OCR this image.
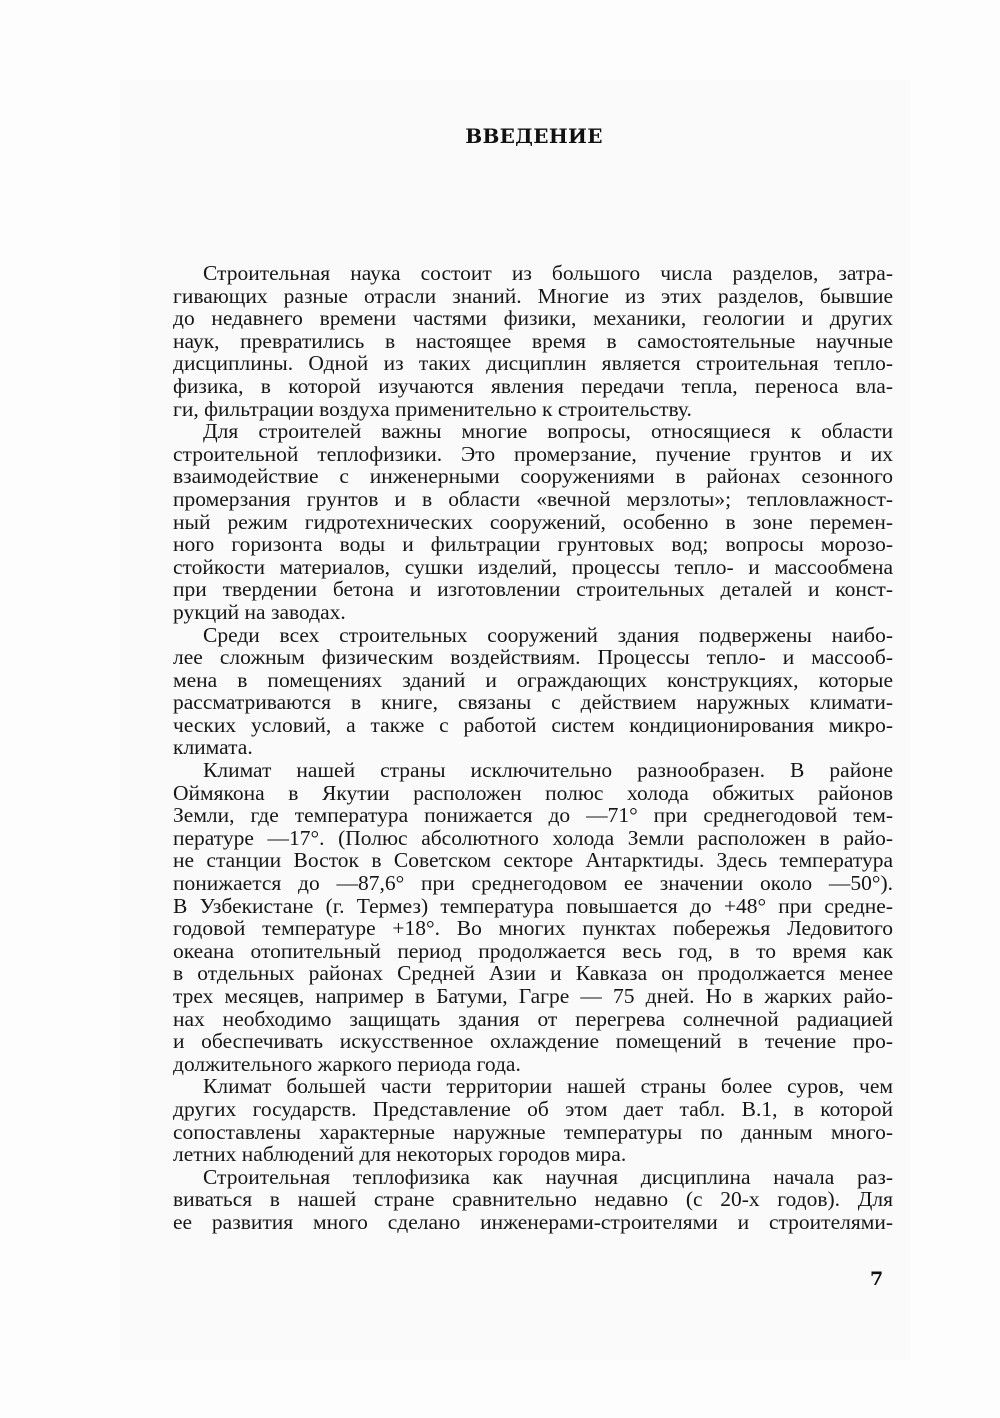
ВВЕДЕНИЕ
Строительная наука состоит из большого числа разделов, затра-
гивающих разные отрасли знаний. Многие из этих разделов, бывшие
до недавнего времени частями физики, механики, геологии и других
наук, превратились в настоящее время в самостоятельные научные
дисциплины. Одной из таких дисциплин является строительная тепло-
физика, в которой изучаются явления передачи тепла, переноса вла-
ги, фильтрации воздуха применительно к строительству.
Для строителей важны многие вопросы, относящиеся к области
строительной теплофизики. Это промерзание, пучение грунтов и их
взаимодействие с инженерными сооружениями в районах сезонного
промерзания грунтов и в области «вечной мерзлоты»; тепловлажност-
ный режим гидротехнических сооружений, особенно в зоне перемен-
ного горизонта воды и фильтрации грунтовых вод; вопросы морозо-
стойкости материалов, сушки изделий, процессы тепло- и массообмена
при твердении бетона и изготовлении строительных деталей и конст-
рукций на заводах.
Среди всех строительных сооружений здания подвержены наибо-
лее сложным физическим воздействиям. Процессы тепло- и массооб-
мена в помещениях зданий и ограждающих конструкциях, которые
рассматриваются в книге, связаны с действием наружных климати-
ческих условий, а также с работой систем кондиционирования микро-
климата.
Климат нашей страны исключительно разнообразен. В районе
Оймякона в Якутии расположен полюс холода обжитых районов
Земли, где температура понижается до —71° при среднегодовой тем-
пературе —17°. (Полюс абсолютного холода Земли расположен в райо-
не станции Восток в Советском секторе Антарктиды. Здесь температура
понижается до —87,6° при среднегодовом ее значении около —50°).
В Узбекистане (г. Термез) температура повышается до +48° при средне-
годовой температуре +18°. Во многих пунктах побережья Ледовитого
океана отопительный период продолжается весь год, в то время как
в отдельных районах Средней Азии и Кавказа он продолжается менее
трех месяцев, например в Батуми, Гагре — 75 дней. Но в жарких райо-
нах необходимо защищать здания от перегрева солнечной радиацией
и обеспечивать искусственное охлаждение помещений в течение про-
должительного жаркого периода года.
Климат большей части территории нашей страны более суров, чем
других государств. Представление об этом дает табл. В.1, в которой
сопоставлены характерные наружные температуры по данным много-
летних наблюдений для некоторых городов мира.
Строительная теплофизика как научная дисциплина начала раз-
виваться в нашей стране сравнительно недавно (с 20-х годов). Для
ее развития много сделано инженерами-строителями и строителями-
7
